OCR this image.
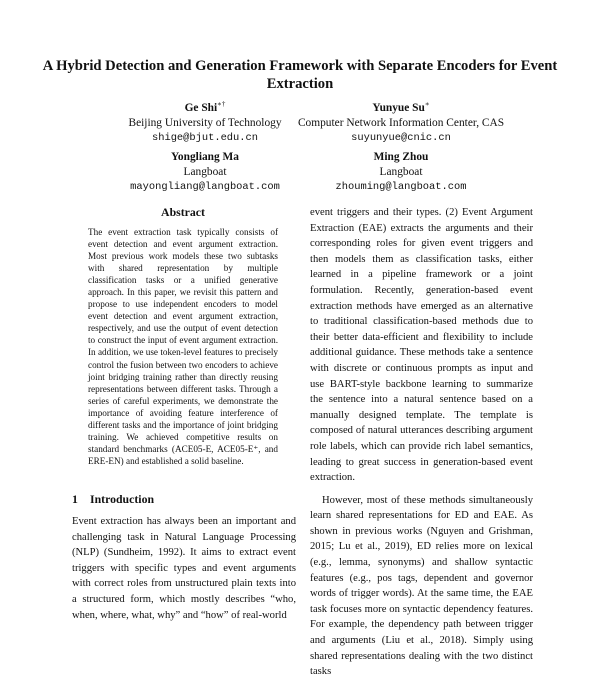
A Hybrid Detection and Generation Framework with Separate Encoders for Event Extraction
Ge Shi∗†
Beijing University of Technology
shige@bjut.edu.cn
Yunyue Su∗
Computer Network Information Center, CAS
suyunyue@cnic.cn
Yongliang Ma
Langboat
mayongliang@langboat.com
Ming Zhou
Langboat
zhouming@langboat.com
Abstract
The event extraction task typically consists of event detection and event argument extraction. Most previous work models these two subtasks with shared representation by multiple classification tasks or a unified generative approach. In this paper, we revisit this pattern and propose to use independent encoders to model event detection and event argument extraction, respectively, and use the output of event detection to construct the input of event argument extraction. In addition, we use token-level features to precisely control the fusion between two encoders to achieve joint bridging training rather than directly reusing representations between different tasks. Through a series of careful experiments, we demonstrate the importance of avoiding feature interference of different tasks and the importance of joint bridging training. We achieved competitive results on standard benchmarks (ACE05-E, ACE05-E⁺, and ERE-EN) and established a solid baseline.
1 Introduction

Event extraction has always been an important and challenging task in Natural Language Processing (NLP) (Sundheim, 1992). It aims to extract event triggers with specific types and event arguments with correct roles from unstructured plain texts into a structured form, which mostly describes “who, when, where, what, why” and “how” of real-world

event triggers and their types. (2) Event Argument Extraction (EAE) extracts the arguments and their corresponding roles for given event triggers and then models them as classification tasks, either learned in a pipeline framework or a joint formulation. Recently, generation-based event extraction methods have emerged as an alternative to traditional classification-based methods due to their better data-efficient and flexibility to include additional guidance. These methods take a sentence with discrete or continuous prompts as input and use BART-style backbone learning to summarize the sentence into a natural sentence based on a manually designed template. The template is composed of natural utterances describing argument role labels, which can provide rich label semantics, leading to great success in generation-based event extraction.

However, most of these methods simultaneously learn shared representations for ED and EAE. As shown in previous works (Nguyen and Grishman, 2015; Lu et al., 2019), ED relies more on lexical (e.g., lemma, synonyms) and shallow syntactic features (e.g., pos tags, dependent and governor words of trigger words). At the same time, the EAE task focuses more on syntactic dependency features. For example, the dependency path between trigger and arguments (Liu et al., 2018). Simply using shared representations dealing with the two distinct tasks
